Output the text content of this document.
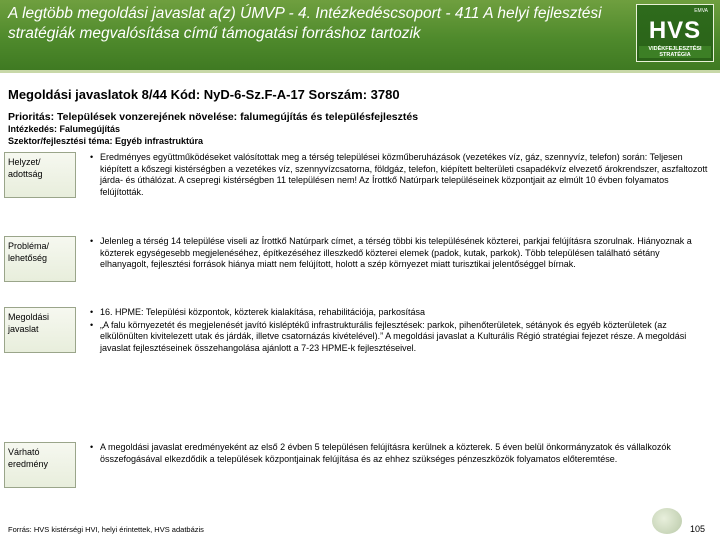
A legtöbb megoldási javaslat a(z) ÚMVP - 4. Intézkedéscsoport - 411 A helyi fejlesztési stratégiák megvalósítása című támogatási forráshoz tartozik
EMVA
HVS
VIDÉKFEJLESZTÉSI STRATÉGIA
Megoldási javaslatok 8/44 Kód: NyD-6-Sz.F-A-17 Sorszám: 3780
Prioritás: Települések vonzerejének növelése: falumegújítás és településfejlesztés
Intézkedés: Falumegújítás
Szektor/fejlesztési téma: Egyéb infrastruktúra
Helyzet/ adottság
• Eredményes együttműködéseket valósítottak meg a térség települései közműberuházások (vezetékes víz, gáz, szennyvíz, telefon) során: Teljesen kiépített a kőszegi kistérségben a vezetékes víz, szennyvízcsatorna, földgáz, telefon, kiépített belterületi csapadékvíz elvezető árokrendszer, aszfaltozott járda- és úthálózat. A csepregi kistérségben 11 településen nem! Az Írottkő Natúrpark településeinek központjait az elmúlt 10 évben folyamatos felújították.
Probléma/ lehetőség
• Jelenleg a térség 14 települése viseli az Írottkő Natúrpark címet, a térség többi kis településének közterei, parkjai felújításra szorulnak. Hiányoznak a közterek egységesebb megjelenéséhez, építkezéséhez illeszkedő közterei elemek (padok, kutak, parkok). Több településen található sétány elhanyagolt, fejlesztési források hiánya miatt nem felújított, holott a szép környezet miatt turisztikai jelentőséggel bírnak.
Megoldási javaslat
• 16. HPME: Települési központok, közterek kialakítása, rehabilitációja, parkosítása
• „A falu környezetét és megjelenését javító kisléptékű infrastrukturális fejlesztések: parkok, pihenőterületek, sétányok és egyéb közterületek (az elkülönülten kivitelezett utak és járdák, illetve csatornázás kivételével).” A megoldási javaslat a Kulturális Régió stratégiai fejezet része. A megoldási javaslat fejlesztéseinek összehangolása ajánlott a 7-23 HPME-k fejlesztéseivel.
Várható eredmény
• A megoldási javaslat eredményeként az első 2 évben 5 településen felújításra kerülnek a közterek. 5 éven belül önkormányzatok és vállalkozók összefogásával elkezdődik a települések központjainak felújítása és az ehhez szükséges pénzeszközök folyamatos előteremtése.
Forrás: HVS kistérségi HVI, helyi érintettek, HVS adatbázis	105
